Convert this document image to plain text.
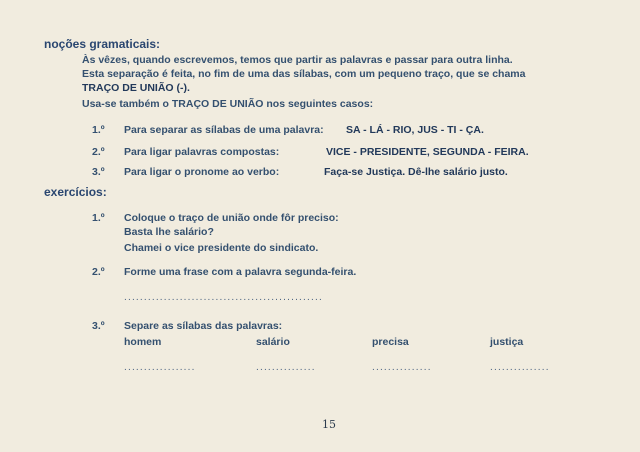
noções gramaticais:
Às vêzes, quando escrevemos, temos que partir as palavras e passar para outra linha.
Esta separação é feita, no fim de uma das sílabas, com um pequeno traço, que se chama
TRAÇO DE UNIÃO (-).
Usa-se também o TRAÇO DE UNIÃO nos seguintes casos:
1.º Para separar as sílabas de uma palavra: SA - LÁ - RIO, JUS - TI - ÇA.
2.º Para ligar palavras compostas:	VICE - PRESIDENTE, SEGUNDA - FEIRA.
3.º Para ligar o pronome ao verbo:	Faça-se Justiça. Dê-lhe salário justo.
exercícios:
1.º Coloque o traço de união onde fôr preciso:
Basta lhe salário?
Chamei o vice presidente do sindicato.
2.º Forme uma frase com a palavra segunda-feira.
..................................................
3.º Separe as sílabas das palavras:
homem	salário	precisa	justiça
..................	...............	...............	...............
15
